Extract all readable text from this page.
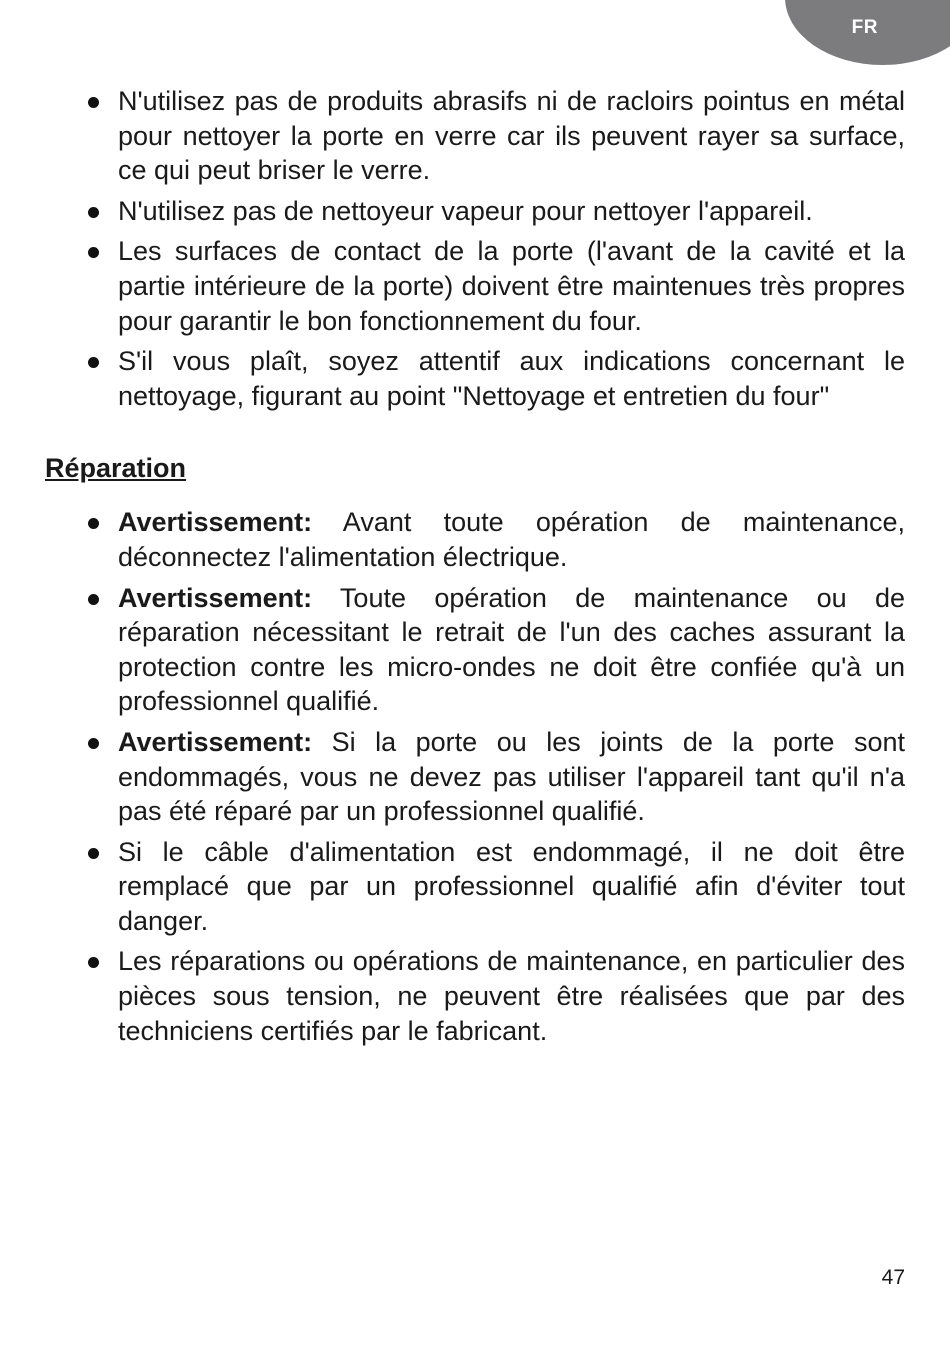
FR
N'utilisez pas de produits abrasifs ni de racloirs pointus en métal pour nettoyer la porte en verre car ils peuvent rayer sa surface, ce qui peut briser le verre.
N'utilisez pas de nettoyeur vapeur pour nettoyer l'appareil.
Les surfaces de contact de la porte (l'avant de la cavité et la partie intérieure de la porte) doivent être maintenues très propres pour garantir le bon fonctionnement du four.
S'il vous plaît, soyez attentif aux indications concernant le nettoyage, figurant au point "Nettoyage et entretien du four"
Réparation
Avertissement: Avant toute opération de maintenance, déconnectez l'alimentation électrique.
Avertissement: Toute opération de maintenance ou de réparation nécessitant le retrait de l'un des caches assurant la protection contre les micro-ondes ne doit être confiée qu'à un professionnel qualifié.
Avertissement: Si la porte ou les joints de la porte sont endommagés, vous ne devez pas utiliser l'appareil tant qu'il n'a pas été réparé par un professionnel qualifié.
Si le câble d'alimentation est endommagé, il ne doit être remplacé que par un professionnel qualifié afin d'éviter tout danger.
Les réparations ou opérations de maintenance, en particulier des pièces sous tension, ne peuvent être réalisées que par des techniciens certifiés par le fabricant.
47
